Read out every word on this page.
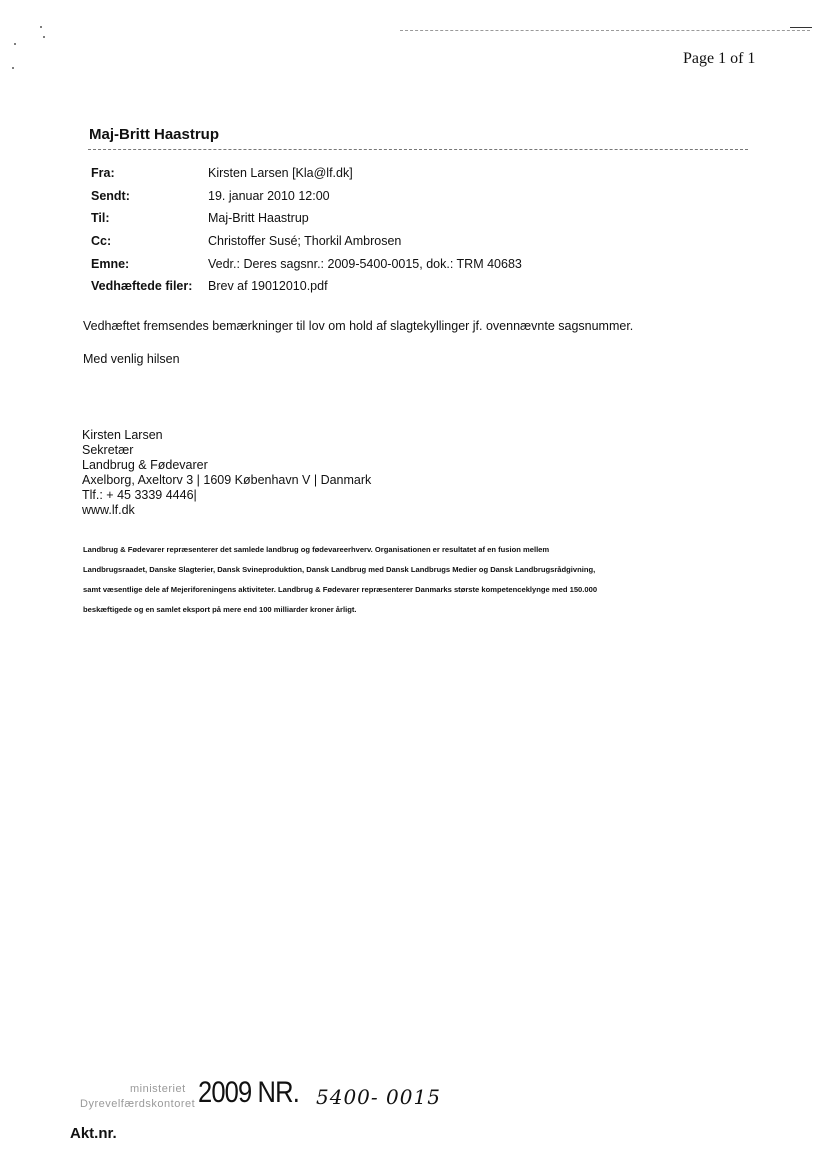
Page 1 of 1
Maj-Britt Haastrup
Fra:	Kirsten Larsen [Kla@lf.dk]
Sendt:	19. januar 2010 12:00
Til:	Maj-Britt Haastrup
Cc:	Christoffer Susé; Thorkil Ambrosen
Emne:	Vedr.: Deres sagsnr.: 2009-5400-0015, dok.: TRM 40683
Vedhæftede filer: Brev af 19012010.pdf
Vedhæftet fremsendes bemærkninger til lov om hold af slagtekyllinger jf. ovennævnte sagsnummer.
Med venlig hilsen
Kirsten Larsen
Sekretær
Landbrug & Fødevarer
Axelborg, Axeltorv 3 | 1609 København V | Danmark
Tlf.: + 45 3339 4446|
www.lf.dk
Landbrug & Fødevarer repræsenterer det samlede landbrug og fødevareerhverv. Organisationen er resultatet af en fusion mellem
Landbrugsraadet, Danske Slagterier, Dansk Svineproduktion, Dansk Landbrug med Dansk Landbrugs Medier og Dansk Landbrugsrådgivning,
samt væsentlige dele af Mejeriforeningens aktiviteter. Landbrug & Fødevarer repræsenterer Danmarks største kompetenceklynge med 150.000
beskæftigede og en samlet eksport på mere end 100 milliarder kroner årligt.
ministeriet
Dyrevelfærdskontoret 2009 NR. 5400- 0015
Akt.nr.
